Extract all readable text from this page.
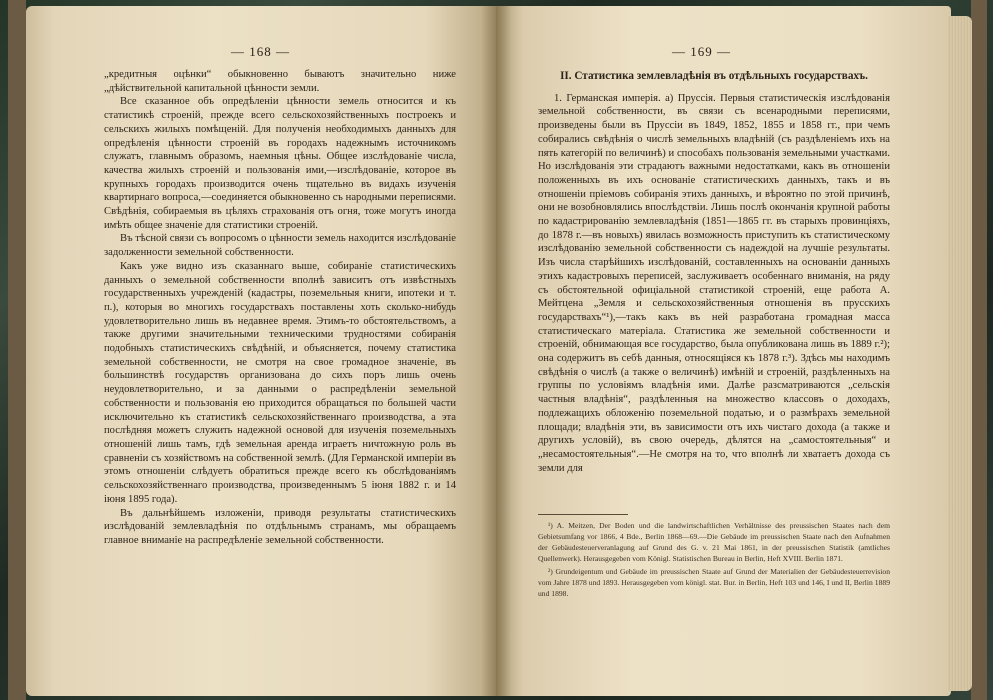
— 168 —

„кредитныя оцѣнки“ обыкновенно бываютъ значительно ниже „дѣйствительной капитальной цѣнности земли.

Все сказанное объ опредѣленіи цѣнности земель относится и къ статистикѣ строеній, прежде всего сельскохозяйственныхъ построекъ и сельскихъ жилыхъ помѣщеній. Для полученія необходимыхъ данныхъ для опредѣленія цѣнности строеній въ городахъ надежнымъ источникомъ служатъ, главнымъ образомъ, наемныя цѣны. Общее изслѣдованіе числа, качества жилыхъ строеній и пользованія ими,—изслѣдованіе, которое въ крупныхъ городахъ производится очень тщательно въ видахъ изученія квартирнаго вопроса,—соединяется обыкновенно съ народными переписями. Свѣдѣнія, собираемыя въ цѣляхъ страхованія отъ огня, тоже могутъ иногда имѣть общее значеніе для статистики строеній.

Въ тѣсной связи съ вопросомъ о цѣнности земель находится изслѣдованіе задолженности земельной собственности.

Какъ уже видно изъ сказаннаго выше, собираніе статистическихъ данныхъ о земельной собственности вполнѣ зависитъ отъ извѣстныхъ государственныхъ учрежденій (кадастры, поземельныя книги, ипотеки и т. п.), которыя во многихъ государствахъ поставлены хоть сколько-нибудь удовлетворительно лишь въ недавнее время. Этимъ-то обстоятельствомъ, а также другими значительными техническими трудностями собиранія подобныхъ статистическихъ свѣдѣній, и объясняется, почему статистика земельной собственности, не смотря на свое громадное значеніе, въ большинствѣ государствъ организована до сихъ поръ лишь очень неудовлетворительно, и за данными о распредѣленіи земельной собственности и пользованія ею приходится обращаться по большей части исключительно къ статистикѣ сельскохозяйственнаго производства, а эта послѣдняя можетъ служить надежной основой для изученія поземельныхъ отношеній лишь тамъ, гдѣ земельная аренда играетъ ничтожную роль въ сравненіи съ хозяйствомъ на собственной землѣ. (Для Германской имперіи въ этомъ отношеніи слѣдуетъ обратиться прежде всего къ обслѣдованіямъ сельскохозяйственнаго производства, произведеннымъ 5 іюня 1882 г. и 14 іюня 1895 года).

Въ дальнѣйшемъ изложеніи, приводя результаты статистическихъ изслѣдованій землевладѣнія по отдѣльнымъ странамъ, мы обращаемъ главное вниманіе на распредѣленіе земельной собственности.

— 169 —

II. Статистика землевладѣнія въ отдѣльныхъ государствахъ.

1. Германская имперія. a) Пруссія. Первыя статистическія изслѣдованія земельной собственности, въ связи съ всенародными переписями, произведены были въ Пруссіи въ 1849, 1852, 1855 и 1858 гг., при чемъ собирались свѣдѣнія о числѣ земельныхъ владѣній (съ раздѣленіемъ ихъ на пять категорій по величинѣ) и способахъ пользованія земельными участками. Но изслѣдованія эти страдаютъ важными недостатками, какъ въ отношеніи положенныхъ въ ихъ основаніе статистическихъ данныхъ, такъ и въ отношеніи пріемовъ собиранія этихъ данныхъ, и вѣроятно по этой причинѣ, они не возобновлялись впослѣдствіи. Лишь послѣ окончанія крупной работы по кадастрированію землевладѣнія (1851—1865 гг. въ старыхъ провинціяхъ, до 1878 г.—въ новыхъ) явилась возможность приступить къ статистическому изслѣдованію земельной собственности съ надеждой на лучшіе результаты. Изъ числа старѣйшихъ изслѣдованій, составленныхъ на основаніи данныхъ этихъ кадастровыхъ переписей, заслуживаетъ особеннаго вниманія, на ряду съ обстоятельной офиціальной статистикой строеній, еще работа А. Мейтцена „Земля и сельскохозяйственныя отношенія въ прусскихъ государствахъ“¹),—такъ какъ въ ней разработана громадная масса статистическаго матеріала. Статистика же земельной собственности и строеній, обнимающая все государство, была опубликована лишь въ 1889 г.²); она содержитъ въ себѣ данныя, относящіяся къ 1878 г.³). Здѣсь мы находимъ свѣдѣнія о числѣ (а также о величинѣ) имѣній и строеній, раздѣленныхъ на группы по условіямъ владѣнія ими. Далѣе разсматриваются „сельскія частныя владѣнія“, раздѣленныя на множество классовъ о доходахъ, подлежащихъ обложенію поземельной податью, и о размѣрахъ земельной площади; владѣнія эти, въ зависимости отъ ихъ чистаго дохода (а также и другихъ условій), въ свою очередь, дѣлятся на „самостоятельныя“ и „несамостоятельныя“.—Не смотря на то, что вполнѣ ли хватаетъ дохода съ земли для

¹) A. Meitzen, Der Boden und die landwirtschaftlichen Verhältnisse des preussischen Staates nach dem Gebietsumfang vor 1866, 4 Bde., Berlin 1868—69.—Die Gebäude im preussischen Staate nach den Aufnahmen der Gebäudesteuerveranlagung auf Grund des G. v. 21 Mai 1861, in der preussischen Statistik (amtliches Quellenwerk). Herausgegeben vom Königl. Statistischen Bureau in Berlin, Heft XVIII. Berlin 1871.

²) Grundeigentum und Gebäude im preussischen Staate auf Grund der Materialien der Gebäudesteuerrevision vom Jahre 1878 und 1893. Herausgegeben vom königl. stat. Bur. in Berlin, Heft 103 und 146, I und II, Berlin 1889 und 1898.
